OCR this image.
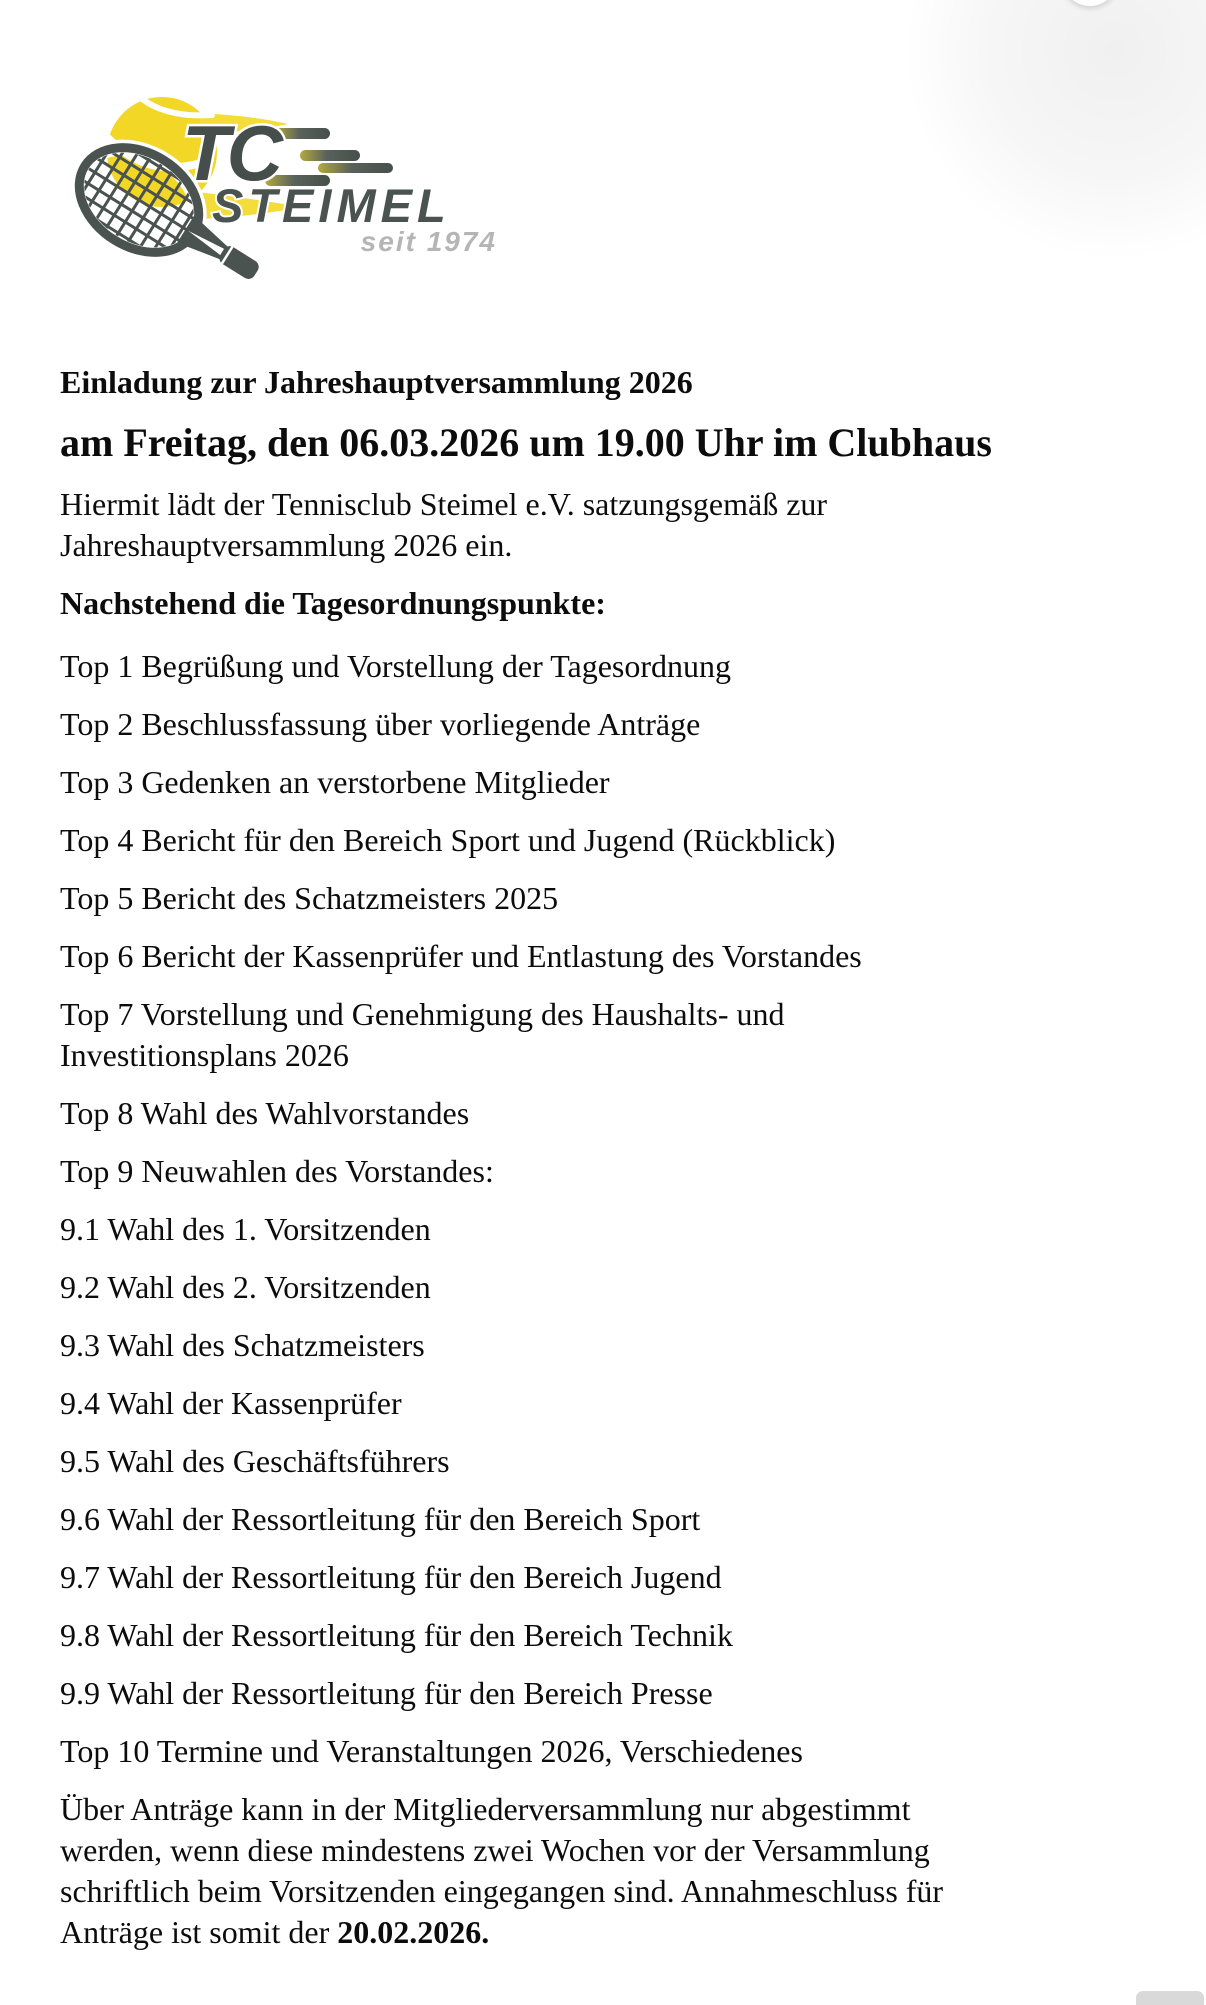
TC
STEIMEL
seit 1974
Einladung zur Jahreshauptversammlung 2026
am Freitag, den 06.03.2026 um 19.00 Uhr im Clubhaus

Hiermit lädt der Tennisclub Steimel e.V. satzungsgemäß zur
Jahreshauptversammlung 2026 ein.

Nachstehend die Tagesordnungspunkte:

Top 1 Begrüßung und Vorstellung der Tagesordnung
Top 2 Beschlussfassung über vorliegende Anträge
Top 3 Gedenken an verstorbene Mitglieder
Top 4 Bericht für den Bereich Sport und Jugend (Rückblick)
Top 5 Bericht des Schatzmeisters 2025
Top 6 Bericht der Kassenprüfer und Entlastung des Vorstandes
Top 7 Vorstellung und Genehmigung des Haushalts- und
Investitionsplans 2026
Top 8 Wahl des Wahlvorstandes
Top 9 Neuwahlen des Vorstandes:
9.1 Wahl des 1. Vorsitzenden
9.2 Wahl des 2. Vorsitzenden
9.3 Wahl des Schatzmeisters
9.4 Wahl der Kassenprüfer
9.5 Wahl des Geschäftsführers
9.6 Wahl der Ressortleitung für den Bereich Sport
9.7 Wahl der Ressortleitung für den Bereich Jugend
9.8 Wahl der Ressortleitung für den Bereich Technik
9.9 Wahl der Ressortleitung für den Bereich Presse
Top 10 Termine und Veranstaltungen 2026, Verschiedenes

Über Anträge kann in der Mitgliederversammlung nur abgestimmt
werden, wenn diese mindestens zwei Wochen vor der Versammlung
schriftlich beim Vorsitzenden eingegangen sind. Annahmeschluss für
Anträge ist somit der 20.02.2026.
